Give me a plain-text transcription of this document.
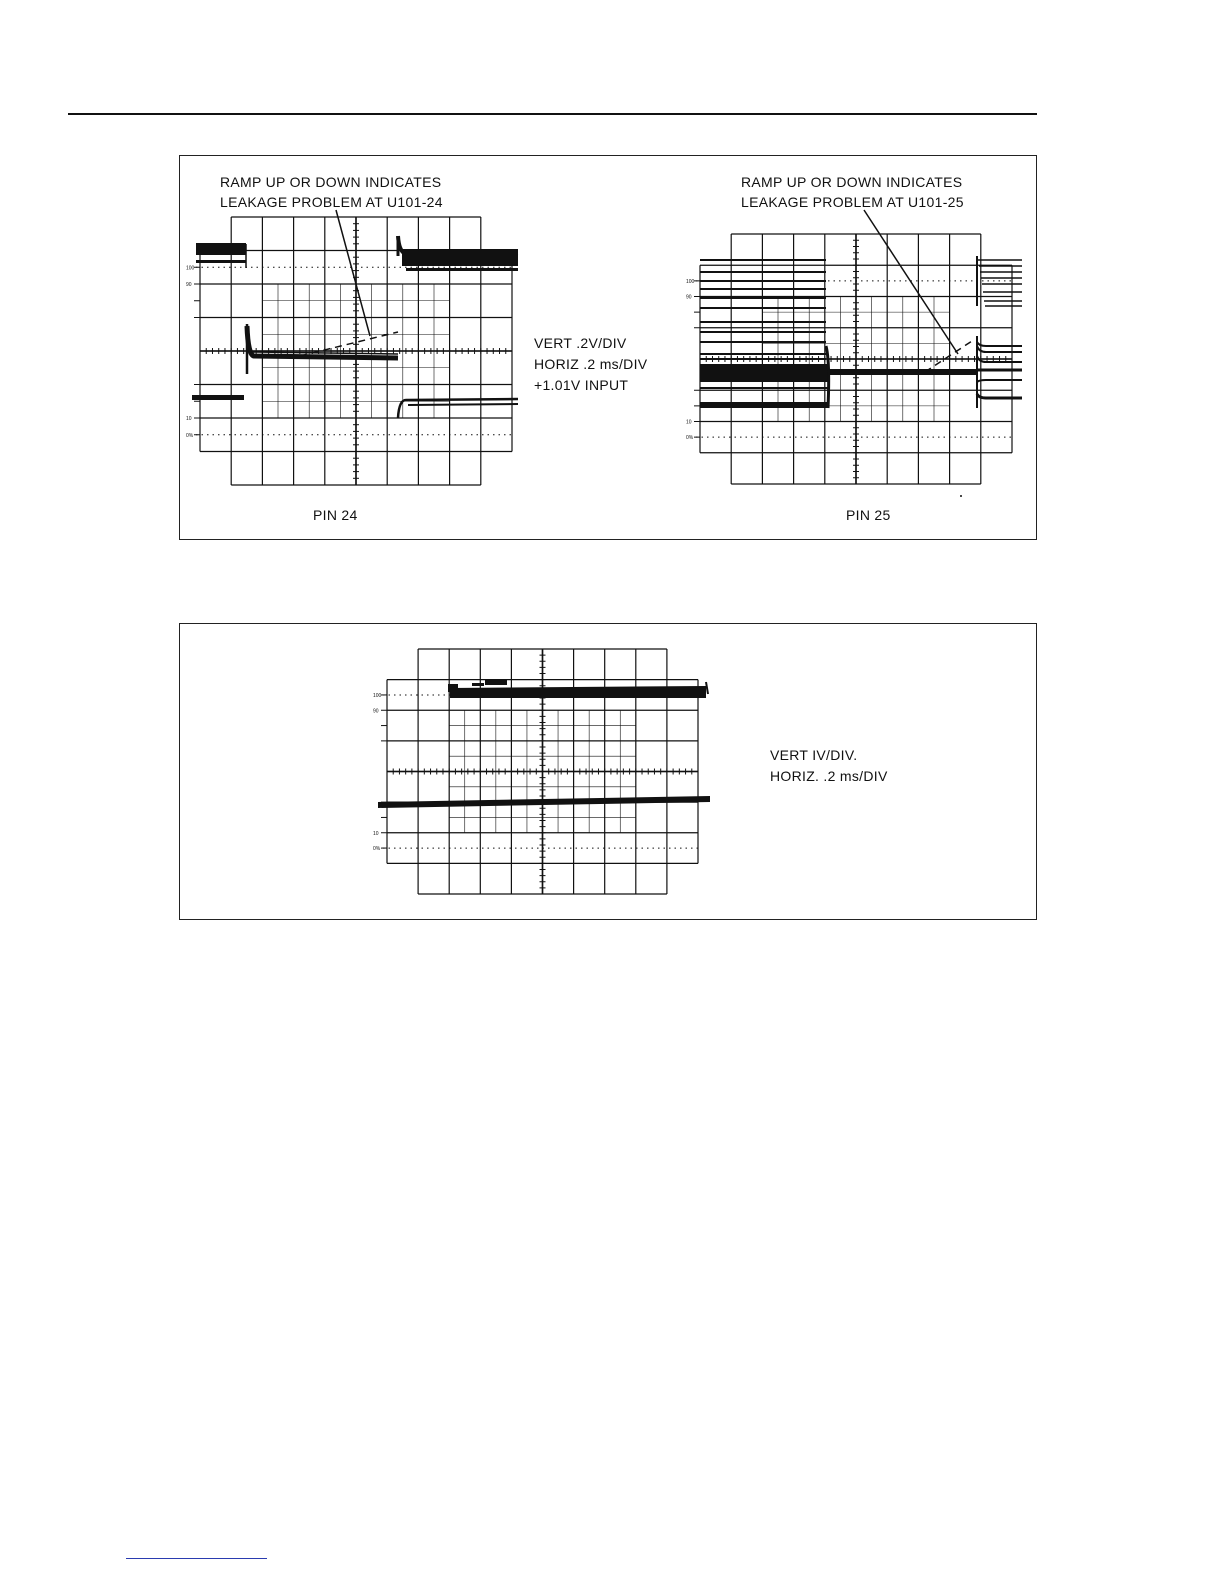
RAMP UP OR DOWN INDICATES
LEAKAGE PROBLEM AT U101-24
RAMP UP OR DOWN INDICATES
LEAKAGE PROBLEM AT U101-25
VERT .2V/DIV
HORIZ .2 ms/DIV
+1.01V INPUT
PIN 24	PIN 25
100
90
10
0%
100
90
10
0%
VERT IV/DIV.
HORIZ. .2 ms/DIV
100
90
10
0%
